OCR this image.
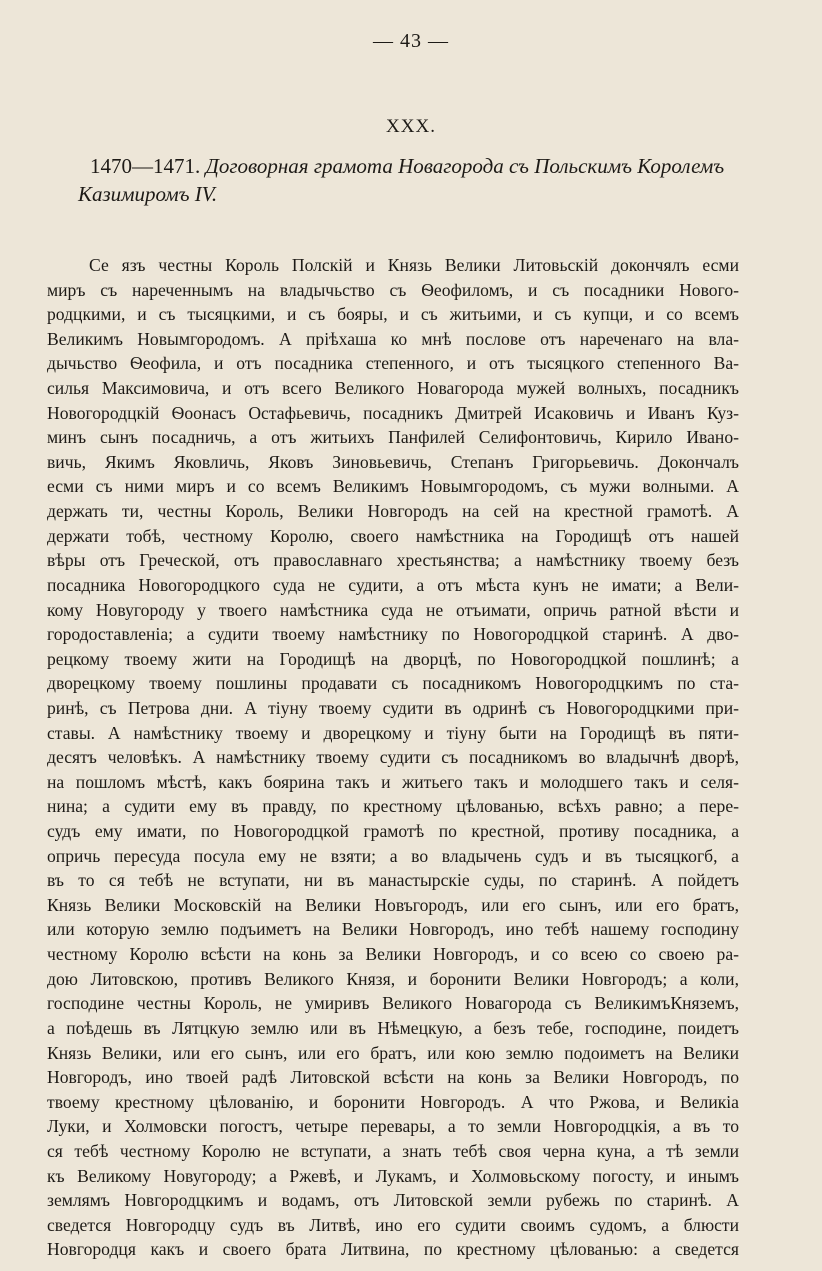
— 43 —
XXX.
1470—1471. Договорная грамота Новагорода съ Польскимъ Королемъ Казимиромъ IV.
Се язъ честны Король Полскій и Князь Велики Литовьскій докончялъ есми
миръ съ нареченнымъ на владычьство съ Ѳеофиломъ, и съ посадники Нового-
родцкими, и съ тысяцкими, и съ бояры, и съ житьими, и съ купци, и со всемъ
Великимъ Новымгородомъ. А пріѣхаша ко мнѣ послове отъ нареченаго на вла-
дычьство Ѳеофила, и отъ посадника степенного, и отъ тысяцкого степенного Ва-
силья Максимовича, и отъ всего Великого Новагорода мужей волныхъ, посадникъ
Новогородцкій Ѳоонасъ Остафьевичь, посадникъ Дмитрей Исаковичь и Иванъ Куз-
минъ сынъ посадничь, а отъ житьихъ Панфилей Селифонтовичь, Кирило Ивано-
вичь, Якимъ Яковличь, Яковъ Зиновьевичь, Степанъ Григорьевичь. Докончалъ
есми съ ними миръ и со всемъ Великимъ Новымгородомъ, съ мужи волными. А
держать ти, честны Король, Велики Новгородъ на сей на крестной грамотѣ. А
держати тобѣ, честному Королю, своего намѣстника на Городищѣ отъ нашей
вѣры отъ Греческой, отъ православнаго хрестьянства; а намѣстнику твоему безъ
посадника Новогородцкого суда не судити, а отъ мѣста кунъ не имати; а Вели-
кому Новугороду у твоего намѣстника суда не отъимати, опричь ратной вѣсти и
городоставленіа; а судити твоему намѣстнику по Новогородцкой старинѣ. А дво-
рецкому твоему жити на Городищѣ на дворцѣ, по Новогородцкой пошлинѣ; а
дворецкому твоему пошлины продавати съ посадникомъ Новогородцкимъ по ста-
ринѣ, съ Петрова дни. А тіуну твоему судити въ одринѣ съ Новогородцкими при-
ставы. А намѣстнику твоему и дворецкому и тіуну быти на Городищѣ въ пяти-
десятъ человѣкъ. А намѣстнику твоему судити съ посадникомъ во владычнѣ дворѣ,
на пошломъ мѣстѣ, какъ боярина такъ и житьего такъ и молодшего такъ и селя-
нина; а судити ему въ правду, по крестному цѣлованью, всѣхъ равно; а пере-
судъ ему имати, по Новогородцкой грамотѣ по крестной, противу посадника, а
опричь пересуда посула ему не взяти; а во владычень судъ и въ тысяцкогб, а
въ то ся тебѣ не вступати, ни въ манастырскіе суды, по старинѣ. А пойдетъ
Князь Велики Московскій на Велики Новъгородъ, или его сынъ, или его братъ,
или которую землю подъиметъ на Велики Новгородъ, ино тебѣ нашему господину
честному Королю всѣсти на конь за Велики Новгородъ, и со всею со своею ра-
дою Литовскою, противъ Великого Князя, и боронити Велики Новгородъ; а коли,
господине честны Король, не умиривъ Великого Новагорода съ ВеликимъКняземъ,
а поѣдешь въ Лятцкую землю или въ Нѣмецкую, а безъ тебе, господине, поидетъ
Князь Велики, или его сынъ, или его братъ, или кою землю подоиметъ на Велики
Новгородъ, ино твоей радѣ Литовской всѣсти на конь за Велики Новгородъ, по
твоему крестному цѣлованію, и боронити Новгородъ. А что Ржова, и Великіа
Луки, и Холмовски погостъ, четыре перевары, а то земли Новгородцкія, а въ то
ся тебѣ честному Королю не вступати, а знать тебѣ своя черна куна, а тѣ земли
къ Великому Новугороду; а Ржевѣ, и Лукамъ, и Холмовьскому погосту, и инымъ
землямъ Новгородцкимъ и водамъ, отъ Литовской земли рубежь по старинѣ. А
сведется Новгородцу судъ въ Литвѣ, ино его судити своимъ судомъ, а блюсти
Новгородця какъ и своего брата Литвина, по крестному цѣлованью: а сведется
